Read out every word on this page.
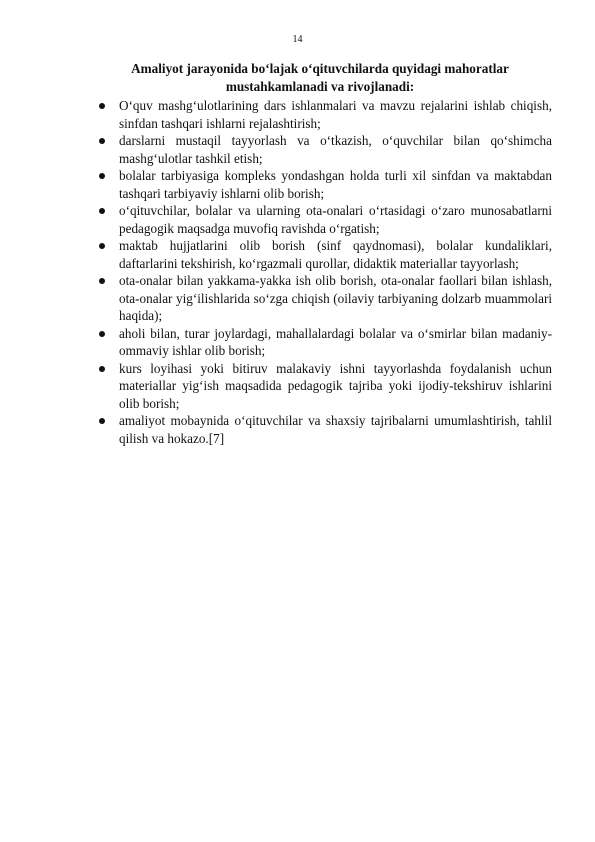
14
Amaliyot jarayonida bo‘lajak o‘qituvchilarda quyidagi mahoratlar
mustahkamlanadi va rivojlanadi:
O‘quv mashg‘ulotlarining dars ishlanmalari va mavzu rejalarini ishlab chiqish, sinfdan tashqari ishlarni rejalashtirish;
darslarni mustaqil tayyorlash va o‘tkazish, o‘quvchilar bilan qo‘shimcha mashg‘ulotlar tashkil etish;
bolalar tarbiyasiga kompleks yondashgan holda turli xil sinfdan va maktabdan tashqari tarbiyaviy ishlarni olib borish;
o‘qituvchilar, bolalar va ularning ota-onalari o‘rtasidagi o‘zaro munosabatlarni pedagogik maqsadga muvofiq ravishda o‘rgatish;
maktab hujjatlarini olib borish (sinf qaydnomasi), bolalar kundaliklari, daftarlarini tekshirish, ko‘rgazmali qurollar, didaktik materiallar tayyorlash;
ota-onalar bilan yakkama-yakka ish olib borish, ota-onalar faollari bilan ishlash, ota-onalar yig‘ilishlarida so‘zga chiqish (oilaviy tarbiyaning dolzarb muammolari haqida);
aholi bilan, turar joylardagi, mahallalardagi bolalar va o‘smirlar bilan madaniy-ommaviy ishlar olib borish;
kurs loyihasi yoki bitiruv malakaviy ishni tayyorlashda foydalanish uchun materiallar yig‘ish maqsadida pedagogik tajriba yoki ijodiy-tekshiruv ishlarini olib borish;
amaliyot mobaynida o‘qituvchilar va shaxsiy tajribalarni umumlashtirish, tahlil qilish va hokazo.[7]
